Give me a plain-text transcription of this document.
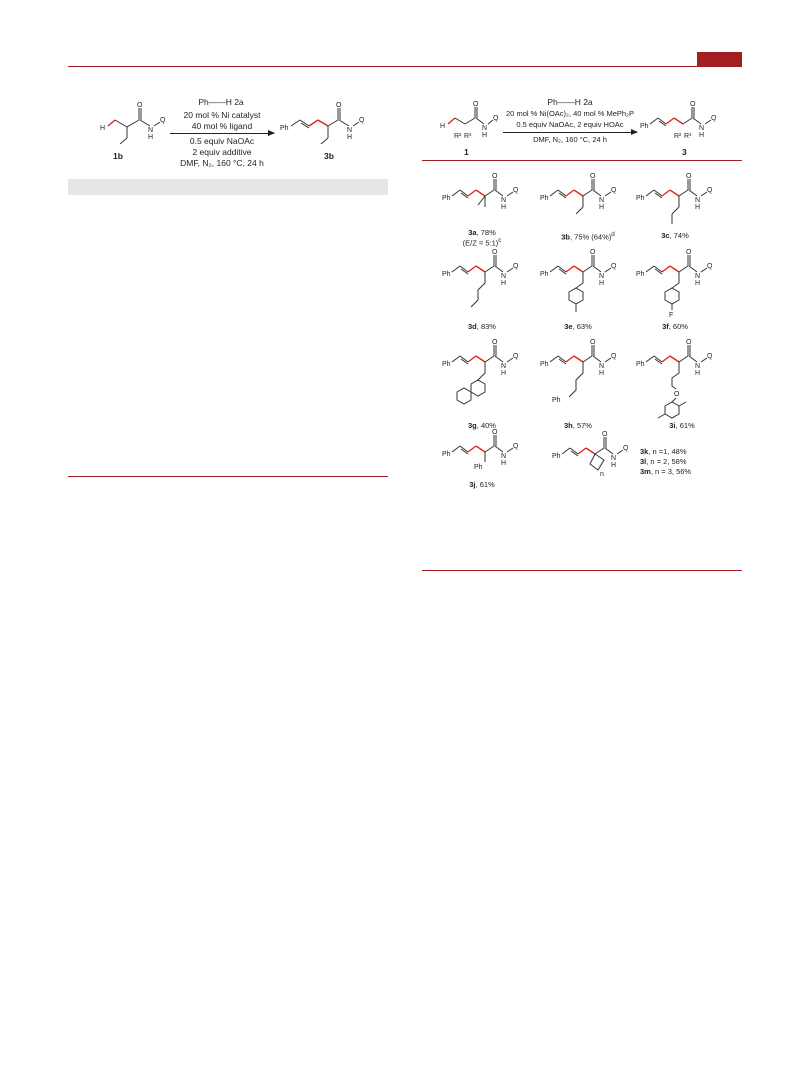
H
O
N
H
Q
1b
Ph——H 2a
20 mol % Ni catalyst
40 mol % ligand
0.5 equiv NaOAc
2 equiv additive
DMF, N₂, 160 °C, 24 h
Ph
O
N
H
Q
3b
H
O
N
H
Q
R² R³
1
Ph——H 2a
20 mol % Ni(OAc)₂, 40 mol % MePh₂P
0.5 equiv NaOAc, 2 equiv HOAc
DMF, N₂, 160 °C, 24 h
Ph
O
N
H
Q
R² R³
3
Ph
O
N
H
Q
3a, 78%
(E/Z = 5:1)$^c$
Ph
O
N
H
Q
3b, 75% $(64\%)^d$
Ph
O
N
H
Q
3c, 74%
Ph
O
N
H
Q
3d, 83%
Ph
O
N
H
Q
3e, 63%
Ph
O
N
H
Q
F
3f, 60%
Ph
O
N
H
Q
3g, 40%
Ph
O
N
H
Q
Ph
3h, 57%
Ph
O
N
H
Q
O
3i, 61%
Ph
O
N
H
Q
Ph
3j, 61%
Ph
O
N
H
Q
n
3k, n =1, 48%
3l, n = 2, 58%
3m, n = 3, 56%
